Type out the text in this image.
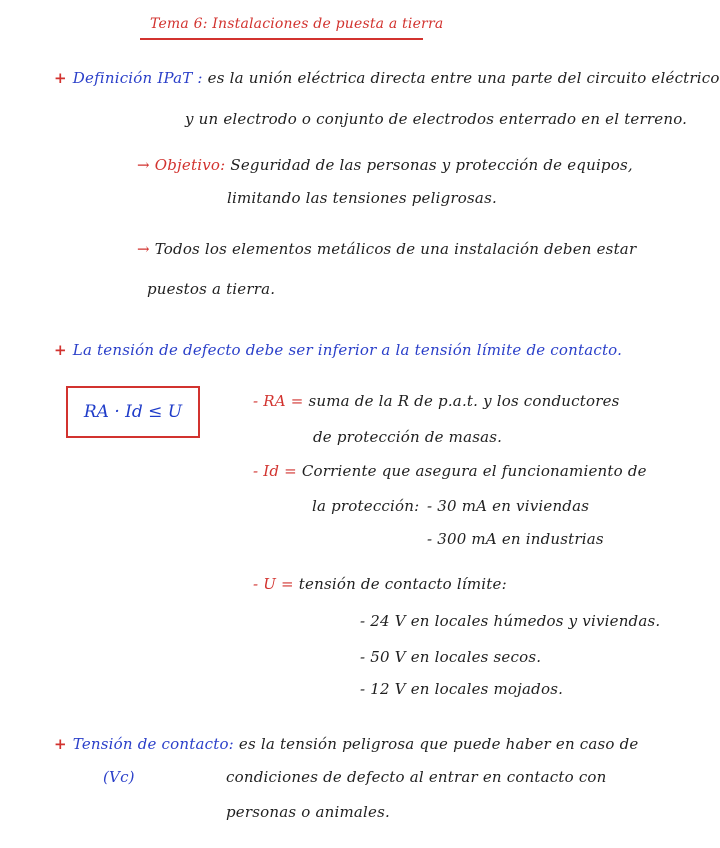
Tema 6: Instalaciones de puesta a tierra
+ Definición IPaT : es la unión eléctrica directa entre una parte del circuito eléctrico
y un electrodo o conjunto de electrodos enterrado en el terreno.
→ Objetivo: Seguridad de las personas y protección de equipos,
limitando las tensiones peligrosas.
→ Todos los elementos metálicos de una instalación deben estar
puestos a tierra.
+ La tensión de defecto debe ser inferior a la tensión límite de contacto.
RA · Id ≤ U
- RA = suma de la R de p.a.t. y los conductores
de protección de masas.
- Id = Corriente que asegura el funcionamiento de
la protección: - 30 mA en viviendas
- 300 mA en industrias
- U = tensión de contacto límite:
- 24 V en locales húmedos y viviendas.
- 50 V en locales secos.
- 12 V en locales mojados.
+ Tensión de contacto: es la tensión peligrosa que puede haber en caso de
(Vc)	condiciones de defecto al entrar en contacto con
personas o animales.
